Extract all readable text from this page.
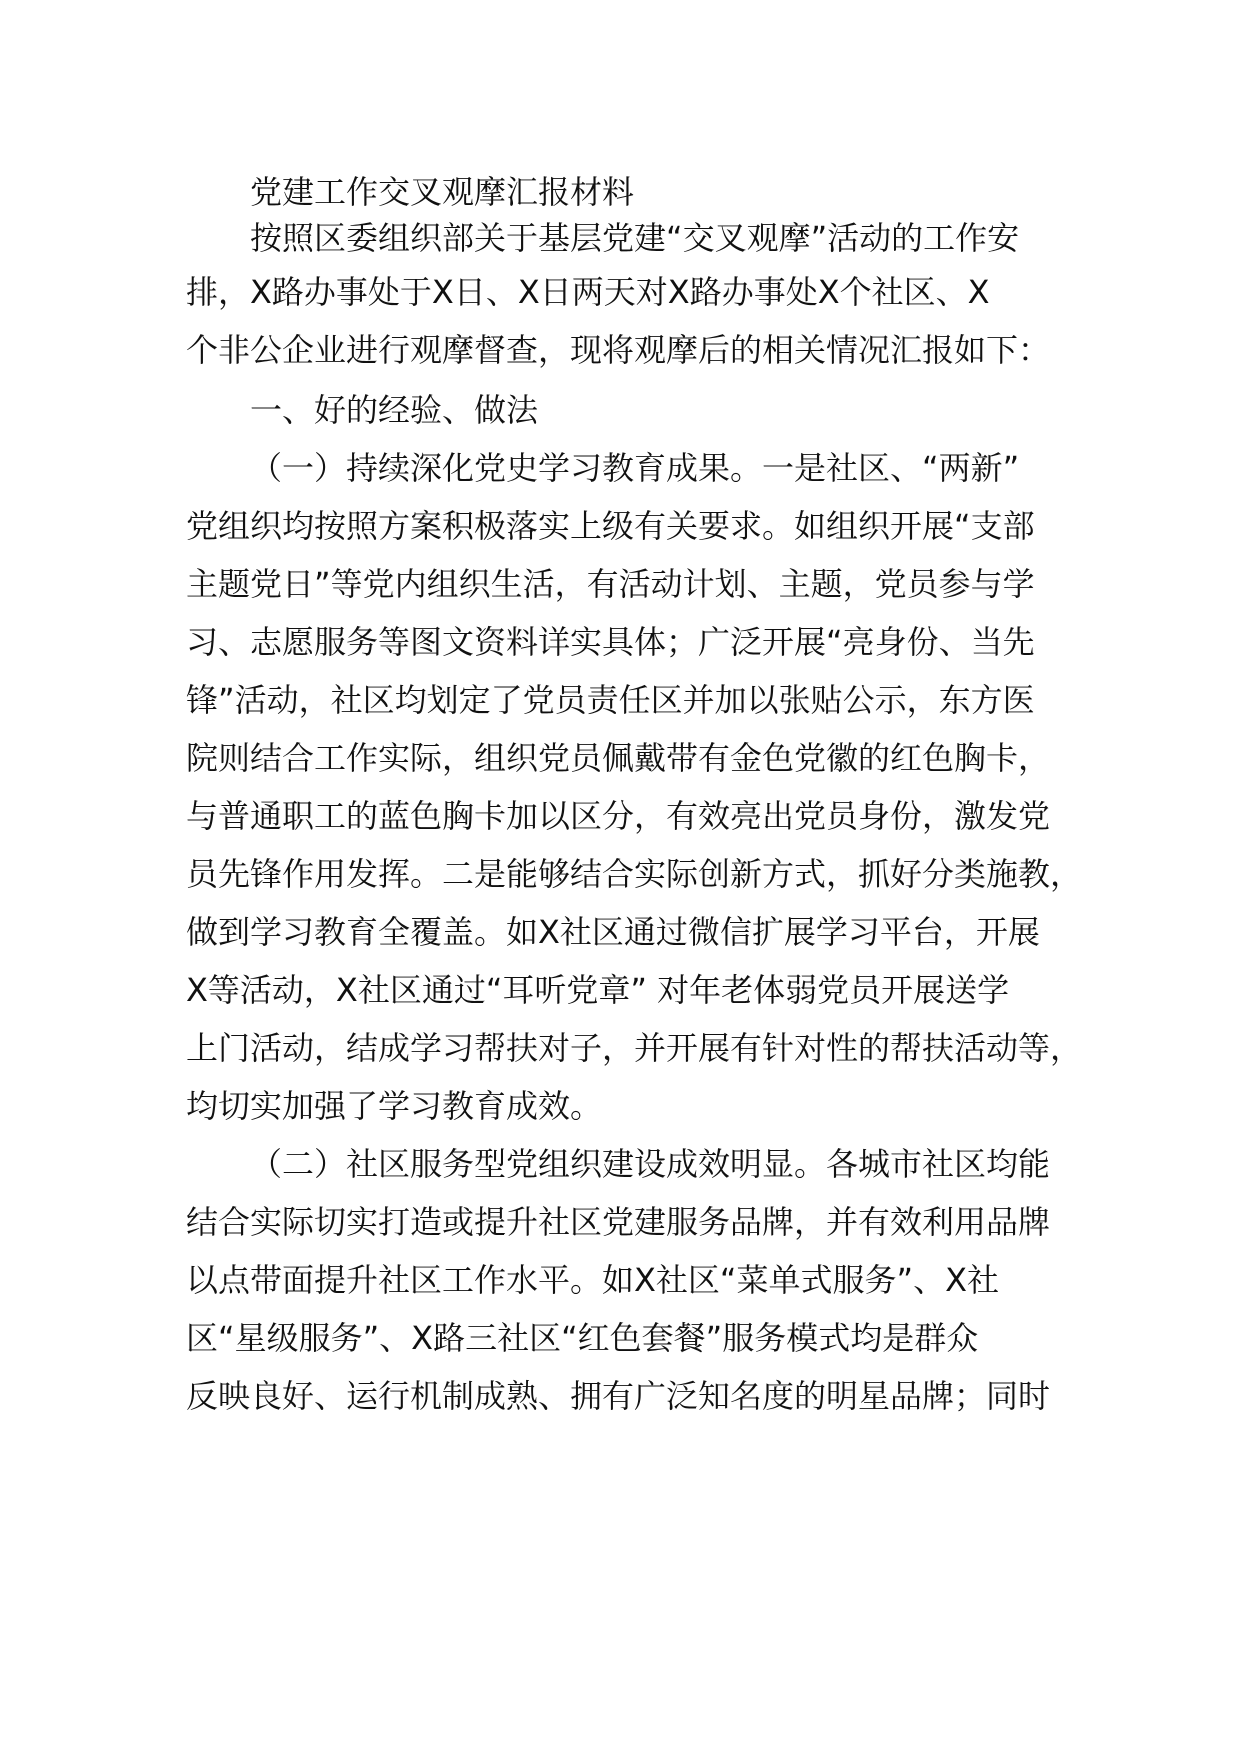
党建工作交叉观摩汇报材料
按照区委组织部关于基层党建“交叉观摩”活动的工作安
排，X路办事处于X日、X日两天对X路办事处X个社区、X
个非公企业进行观摩督查，现将观摩后的相关情况汇报如下：
一、好的经验、做法
（一）持续深化党史学习教育成果。一是社区、“两新”
党组织均按照方案积极落实上级有关要求。如组织开展“支部
主题党日”等党内组织生活，有活动计划、主题，党员参与学
习、志愿服务等图文资料详实具体；广泛开展“亮身份、当先
锋”活动，社区均划定了党员责任区并加以张贴公示，东方医
院则结合工作实际，组织党员佩戴带有金色党徽的红色胸卡，
与普通职工的蓝色胸卡加以区分，有效亮出党员身份，激发党
员先锋作用发挥。二是能够结合实际创新方式，抓好分类施教，
做到学习教育全覆盖。如X社区通过微信扩展学习平台，开展
X等活动，X社区通过“耳听党章” 对年老体弱党员开展送学
上门活动，结成学习帮扶对子，并开展有针对性的帮扶活动等，
均切实加强了学习教育成效。
（二）社区服务型党组织建设成效明显。各城市社区均能
结合实际切实打造或提升社区党建服务品牌，并有效利用品牌
以点带面提升社区工作水平。如X社区“菜单式服务”、X社
区“星级服务”、X路三社区“红色套餐”服务模式均是群众
反映良好、运行机制成熟、拥有广泛知名度的明星品牌；同时
